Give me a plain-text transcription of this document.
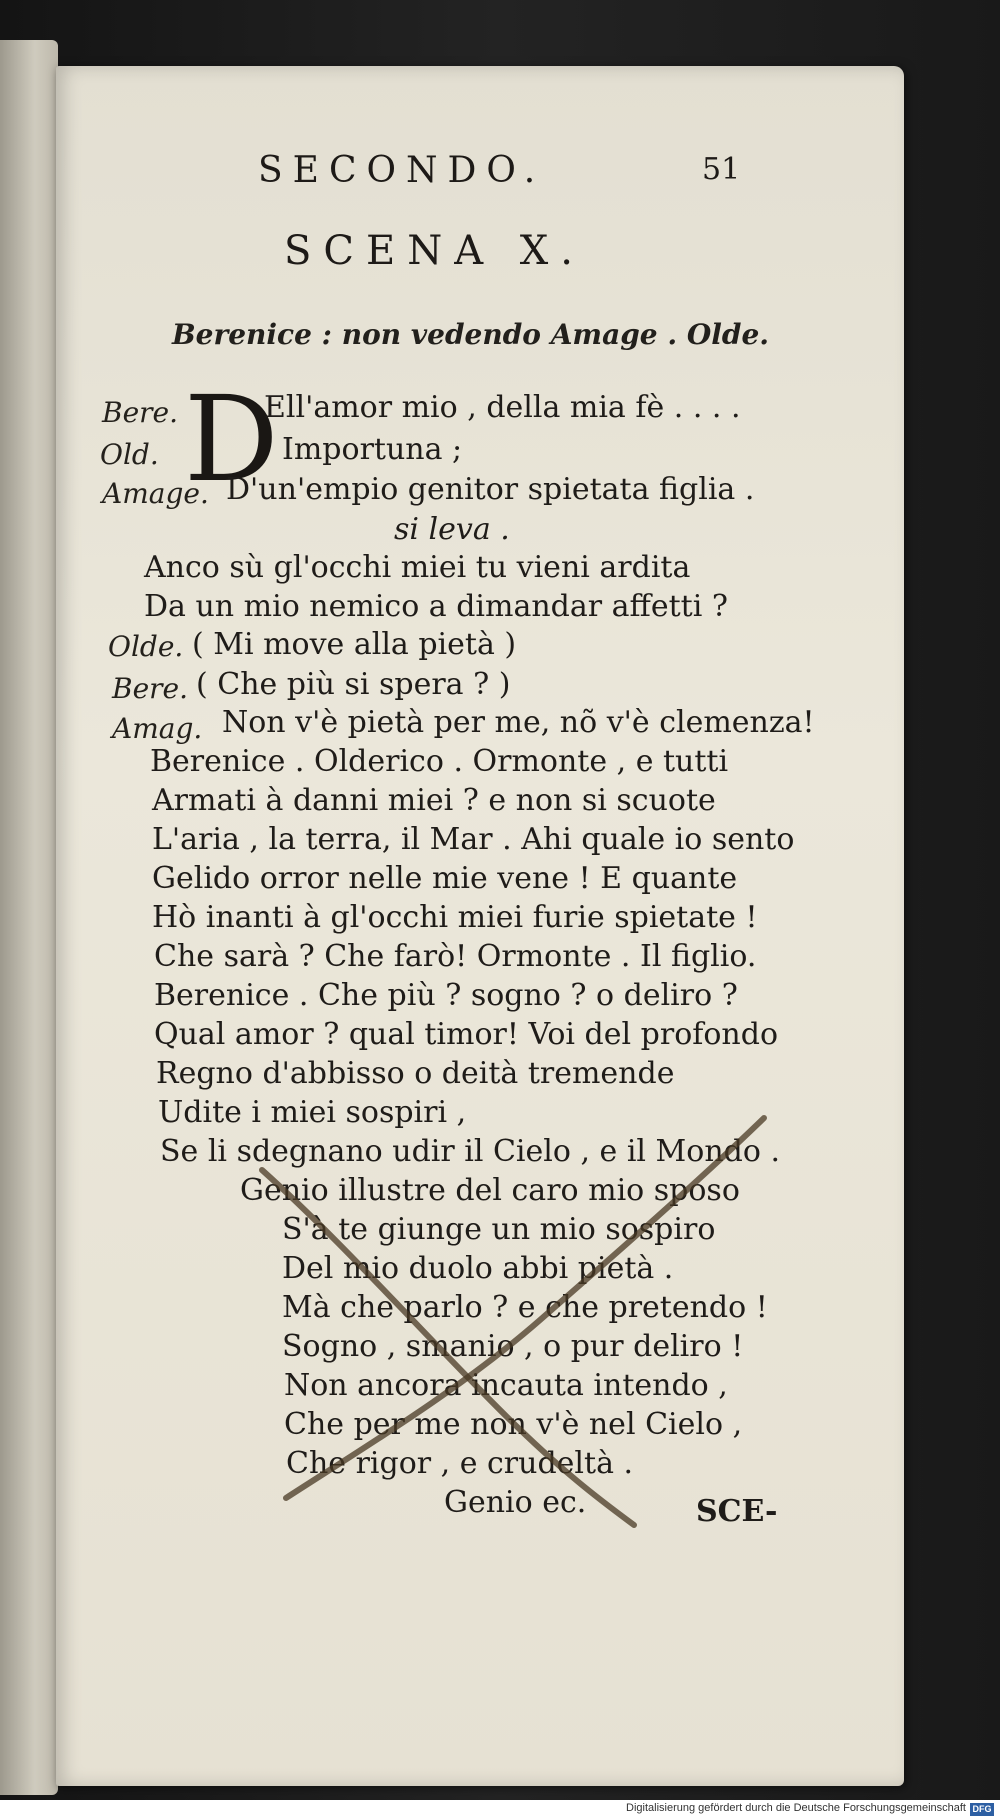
SECONDO.	51
SCENA X.
Berenice : non vedendo Amage . Olde.
D
Bere.
Old.
Amage.
Olde.
Bere.
Amag.
Ell'amor mio , della mia fè . . . .
Importuna ;
D'un'empio genitor spietata figlia .
si leva .
Anco sù gl'occhi miei tu vieni ardita
Da un mio nemico a dimandar affetti ?
( Mi move alla pietà )
( Che più si spera ? )
Non v'è pietà per me, nõ v'è clemenza!
Berenice . Olderico . Ormonte , e tutti
Armati à danni miei ? e non si scuote
L'aria , la terra, il Mar . Ahi quale io sento
Gelido orror nelle mie vene ! E quante
Hò inanti à gl'occhi miei furie spietate !
Che sarà ? Che farò! Ormonte . Il figlio.
Berenice . Che più ? sogno ? o deliro ?
Qual amor ? qual timor! Voi del profondo
Regno d'abbisso o deità tremende
Udite i miei sospiri ,
Se li sdegnano udir il Cielo , e il Mondo .
Genio illustre del caro mio sposo
S'à te giunge un mio sospiro
Del mio duolo abbi pietà .
Mà che parlo ? e che pretendo !
Sogno , smanio , o pur deliro !
Non ancora incauta intendo ,
Che per me non v'è nel Cielo ,
Che rigor , e crudeltà .
Genio ec.	SCE-
Digitalisierung gefördert durch die Deutsche Forschungsgemeinschaft DFG
